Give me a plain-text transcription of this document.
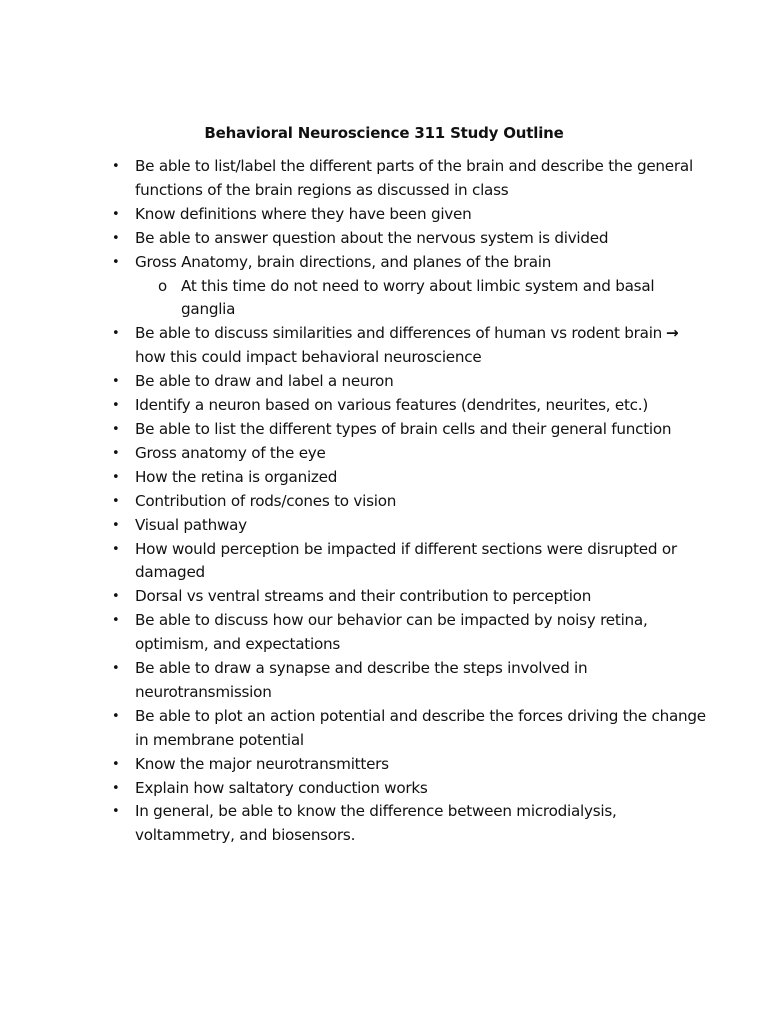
Behavioral Neuroscience 311 Study Outline
•	Be able to list/label the different parts of the brain and describe the general functions of the brain regions as discussed in class
•	Know definitions where they have been given
•	Be able to answer question about the nervous system is divided
•	Gross Anatomy, brain directions, and planes of the brain
o At this time do not need to worry about limbic system and basal ganglia
•	Be able to discuss similarities and differences of human vs rodent brain → how this could impact behavioral neuroscience
•	Be able to draw and label a neuron
•	Identify a neuron based on various features (dendrites, neurites, etc.)
•	Be able to list the different types of brain cells and their general function
•	Gross anatomy of the eye
•	How the retina is organized
•	Contribution of rods/cones to vision
•	Visual pathway
•	How would perception be impacted if different sections were disrupted or damaged
•	Dorsal vs ventral streams and their contribution to perception
•	Be able to discuss how our behavior can be impacted by noisy retina, optimism, and expectations
•	Be able to draw a synapse and describe the steps involved in neurotransmission
•	Be able to plot an action potential and describe the forces driving the change in membrane potential
•	Know the major neurotransmitters
•	Explain how saltatory conduction works
•	In general, be able to know the difference between microdialysis, voltammetry, and biosensors.
